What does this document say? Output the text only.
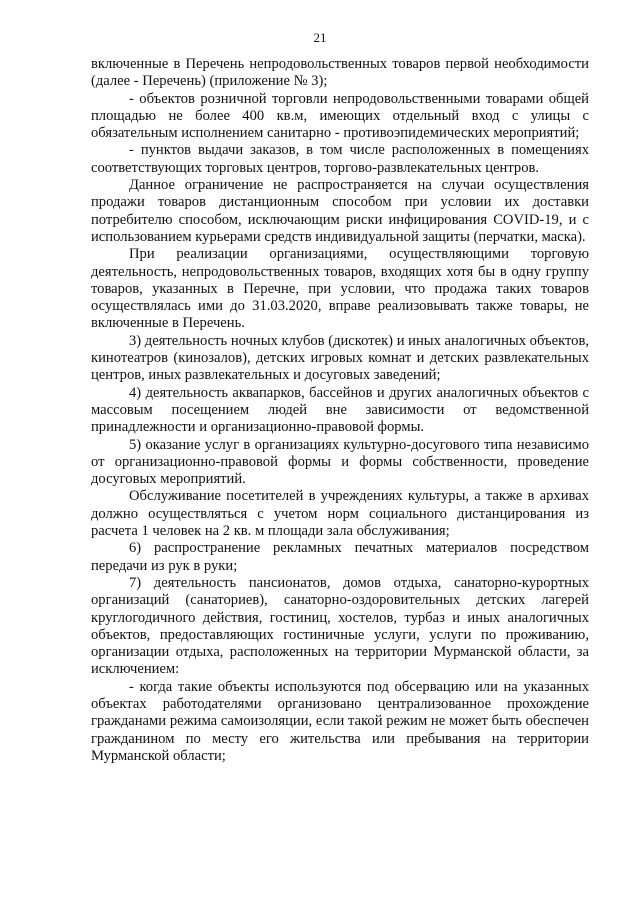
21

включенные в Перечень непродовольственных товаров первой необходимости (далее - Перечень) (приложение № 3);

- объектов розничной торговли непродовольственными товарами общей площадью не более 400 кв.м, имеющих отдельный вход с улицы с обязательным исполнением санитарно - противоэпидемических мероприятий;

- пунктов выдачи заказов, в том числе расположенных в помещениях соответствующих торговых центров, торгово-развлекательных центров.

Данное ограничение не распространяется на случаи осуществления продажи товаров дистанционным способом при условии их доставки потребителю способом, исключающим риски инфицирования COVID-19, и с использованием курьерами средств индивидуальной защиты (перчатки, маска).

При реализации организациями, осуществляющими торговую деятельность, непродовольственных товаров, входящих хотя бы в одну группу товаров, указанных в Перечне, при условии, что продажа таких товаров осуществлялась ими до 31.03.2020, вправе реализовывать также товары, не включенные в Перечень.

3) деятельность ночных клубов (дискотек) и иных аналогичных объектов, кинотеатров (кинозалов), детских игровых комнат и детских развлекательных центров, иных развлекательных и досуговых заведений;

4) деятельность аквапарков, бассейнов и других аналогичных объектов с массовым посещением людей вне зависимости от ведомственной принадлежности и организационно-правовой формы.

5) оказание услуг в организациях культурно-досугового типа независимо от организационно-правовой формы и формы собственности, проведение досуговых мероприятий.

Обслуживание посетителей в учреждениях культуры, а также в архивах должно осуществляться с учетом норм социального дистанцирования из расчета 1 человек на 2 кв. м площади зала обслуживания;

6) распространение рекламных печатных материалов посредством передачи из рук в руки;

7) деятельность пансионатов, домов отдыха, санаторно-курортных организаций (санаториев), санаторно-оздоровительных детских лагерей круглогодичного действия, гостиниц, хостелов, турбаз и иных аналогичных объектов, предоставляющих гостиничные услуги, услуги по проживанию, организации отдыха, расположенных на территории Мурманской области, за исключением:

- когда такие объекты используются под обсервацию или на указанных объектах работодателями организовано централизованное прохождение гражданами режима самоизоляции, если такой режим не может быть обеспечен гражданином по месту его жительства или пребывания на территории Мурманской области;
